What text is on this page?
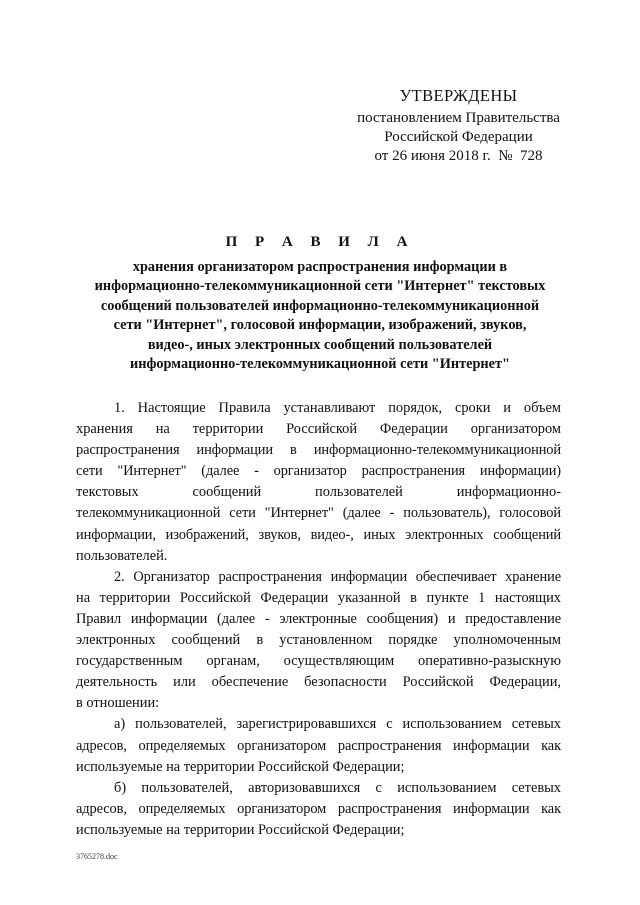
УТВЕРЖДЕНЫ
постановлением Правительства
Российской Федерации
от 26 июня 2018 г.  №  728
П Р А В И Л А
хранения организатором распространения информации в
информационно-телекоммуникационной сети "Интернет" текстовых
сообщений пользователей информационно-телекоммуникационной
сети "Интернет", голосовой информации, изображений, звуков,
видео-, иных электронных сообщений пользователей
информационно-телекоммуникационной сети "Интернет"
1. Настоящие Правила устанавливают порядок, сроки и объем
хранения на территории Российской Федерации организатором
распространения информации в информационно-телекоммуникационной
сети "Интернет" (далее - организатор распространения информации)
текстовых сообщений пользователей информационно-
телекоммуникационной сети "Интернет" (далее - пользователь), голосовой
информации, изображений, звуков, видео-, иных электронных сообщений
пользователей.
2. Организатор распространения информации обеспечивает хранение
на территории Российской Федерации указанной в пункте 1 настоящих
Правил информации (далее - электронные сообщения) и предоставление
электронных сообщений в установленном порядке уполномоченным
государственным органам, осуществляющим оперативно-разыскную
деятельность или обеспечение безопасности Российской Федерации,
в отношении:
а) пользователей, зарегистрировавшихся с использованием сетевых
адресов, определяемых организатором распространения информации как
используемые на территории Российской Федерации;
б) пользователей, авторизовавшихся с использованием сетевых
адресов, определяемых организатором распространения информации как
используемые на территории Российской Федерации;
3765278.doc
